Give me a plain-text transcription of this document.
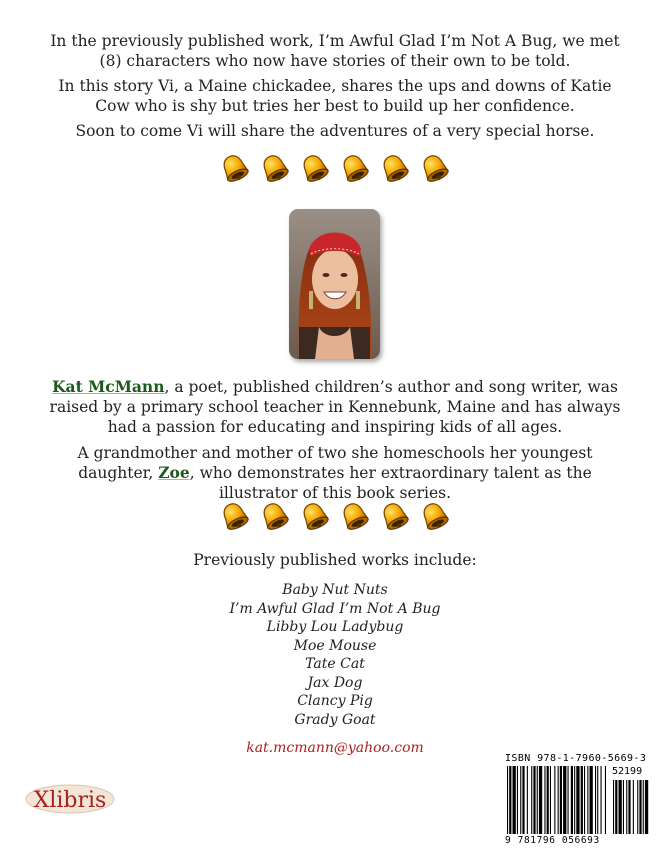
In the previously published work, I’m Awful Glad I’m Not A Bug, we met (8) characters who now have stories of their own to be told.
In this story Vi, a Maine chickadee, shares the ups and downs of Katie Cow who is shy but tries her best to build up her confidence.
Soon to come Vi will share the adventures of a very special horse.
Kat McMann, a poet, published children’s author and song writer, was raised by a primary school teacher in Kennebunk, Maine and has always had a passion for educating and inspiring kids of all ages.
A grandmother and mother of two she homeschools her youngest daughter, Zoe, who demonstrates her extraordinary talent as the illustrator of this book series.
Previously published works include:
Baby Nut Nuts
I’m Awful Glad I’m Not A Bug
Libby Lou Ladybug
Moe Mouse
Tate Cat
Jax Dog
Clancy Pig
Grady Goat
kat.mcmann@yahoo.com
Xlibris
ISBN 978-1-7960-5669-3
52199
9 781796 056693
